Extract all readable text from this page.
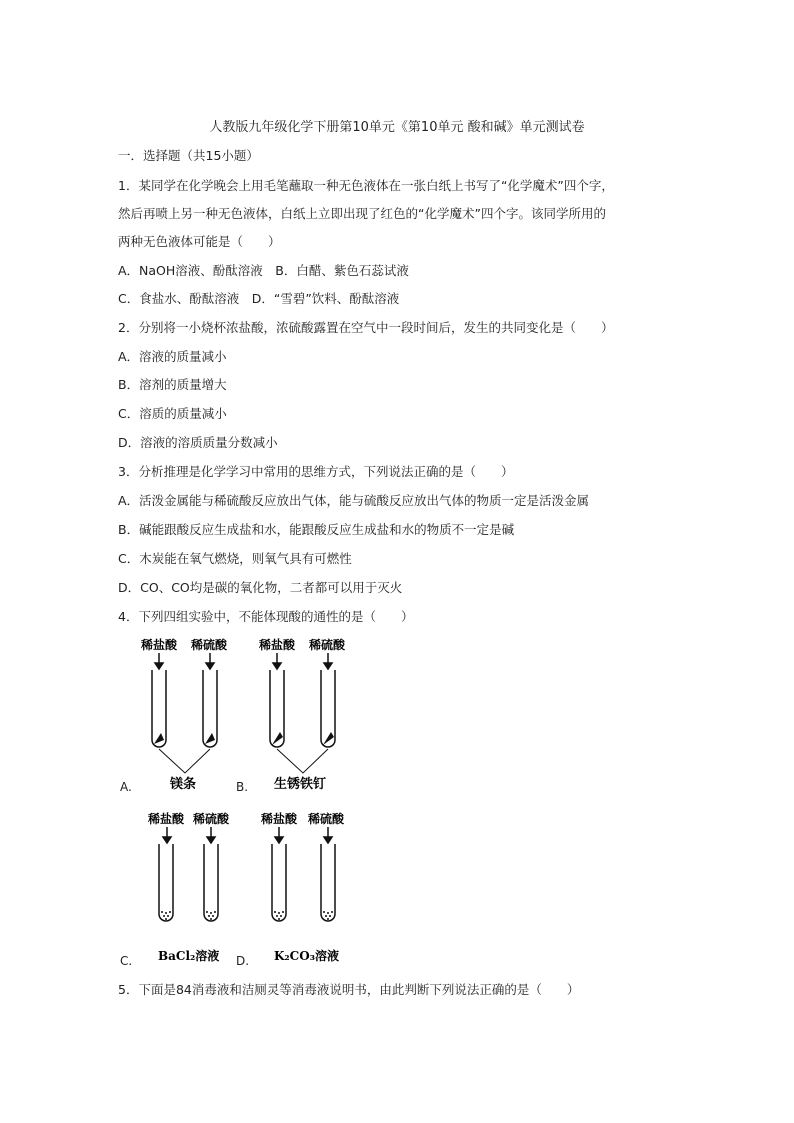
人教版九年级化学下册第10单元《第10单元 酸和碱》单元测试卷
一．选择题（共15小题）
1．某同学在化学晚会上用毛笔蘸取一种无色液体在一张白纸上书写了“化学魔术”四个字，
然后再喷上另一种无色液体，白纸上立即出现了红色的“化学魔术”四个字。该同学所用的
两种无色液体可能是（　　）
A．NaOH溶液、酚酞溶液　B．白醋、紫色石蕊试液
C．食盐水、酚酞溶液　D．“雪碧”饮料、酚酞溶液
2．分别将一小烧杯浓盐酸，浓硫酸露置在空气中一段时间后，发生的共同变化是（　　）
A．溶液的质量减小
B．溶剂的质量增大
C．溶质的质量减小
D．溶液的溶质质量分数减小
3．分析推理是化学学习中常用的思维方式，下列说法正确的是（　　）
A．活泼金属能与稀硫酸反应放出气体，能与硫酸反应放出气体的物质一定是活泼金属
B．碱能跟酸反应生成盐和水，能跟酸反应生成盐和水的物质不一定是碱
C．木炭能在氧气燃烧，则氧气具有可燃性
D．CO、CO均是碳的氧化物，二者都可以用于灭火
4．下列四组实验中，不能体现酸的通性的是（　　）
稀盐酸 稀硫酸
镁条
A.
稀盐酸 稀硫酸
生锈铁钉
B.
稀盐酸 稀硫酸
BaCl₂溶液
C.
稀盐酸 稀硫酸
K₂CO₃溶液
D.
5．下面是84消毒液和洁厕灵等消毒液说明书，由此判断下列说法正确的是（　　）
